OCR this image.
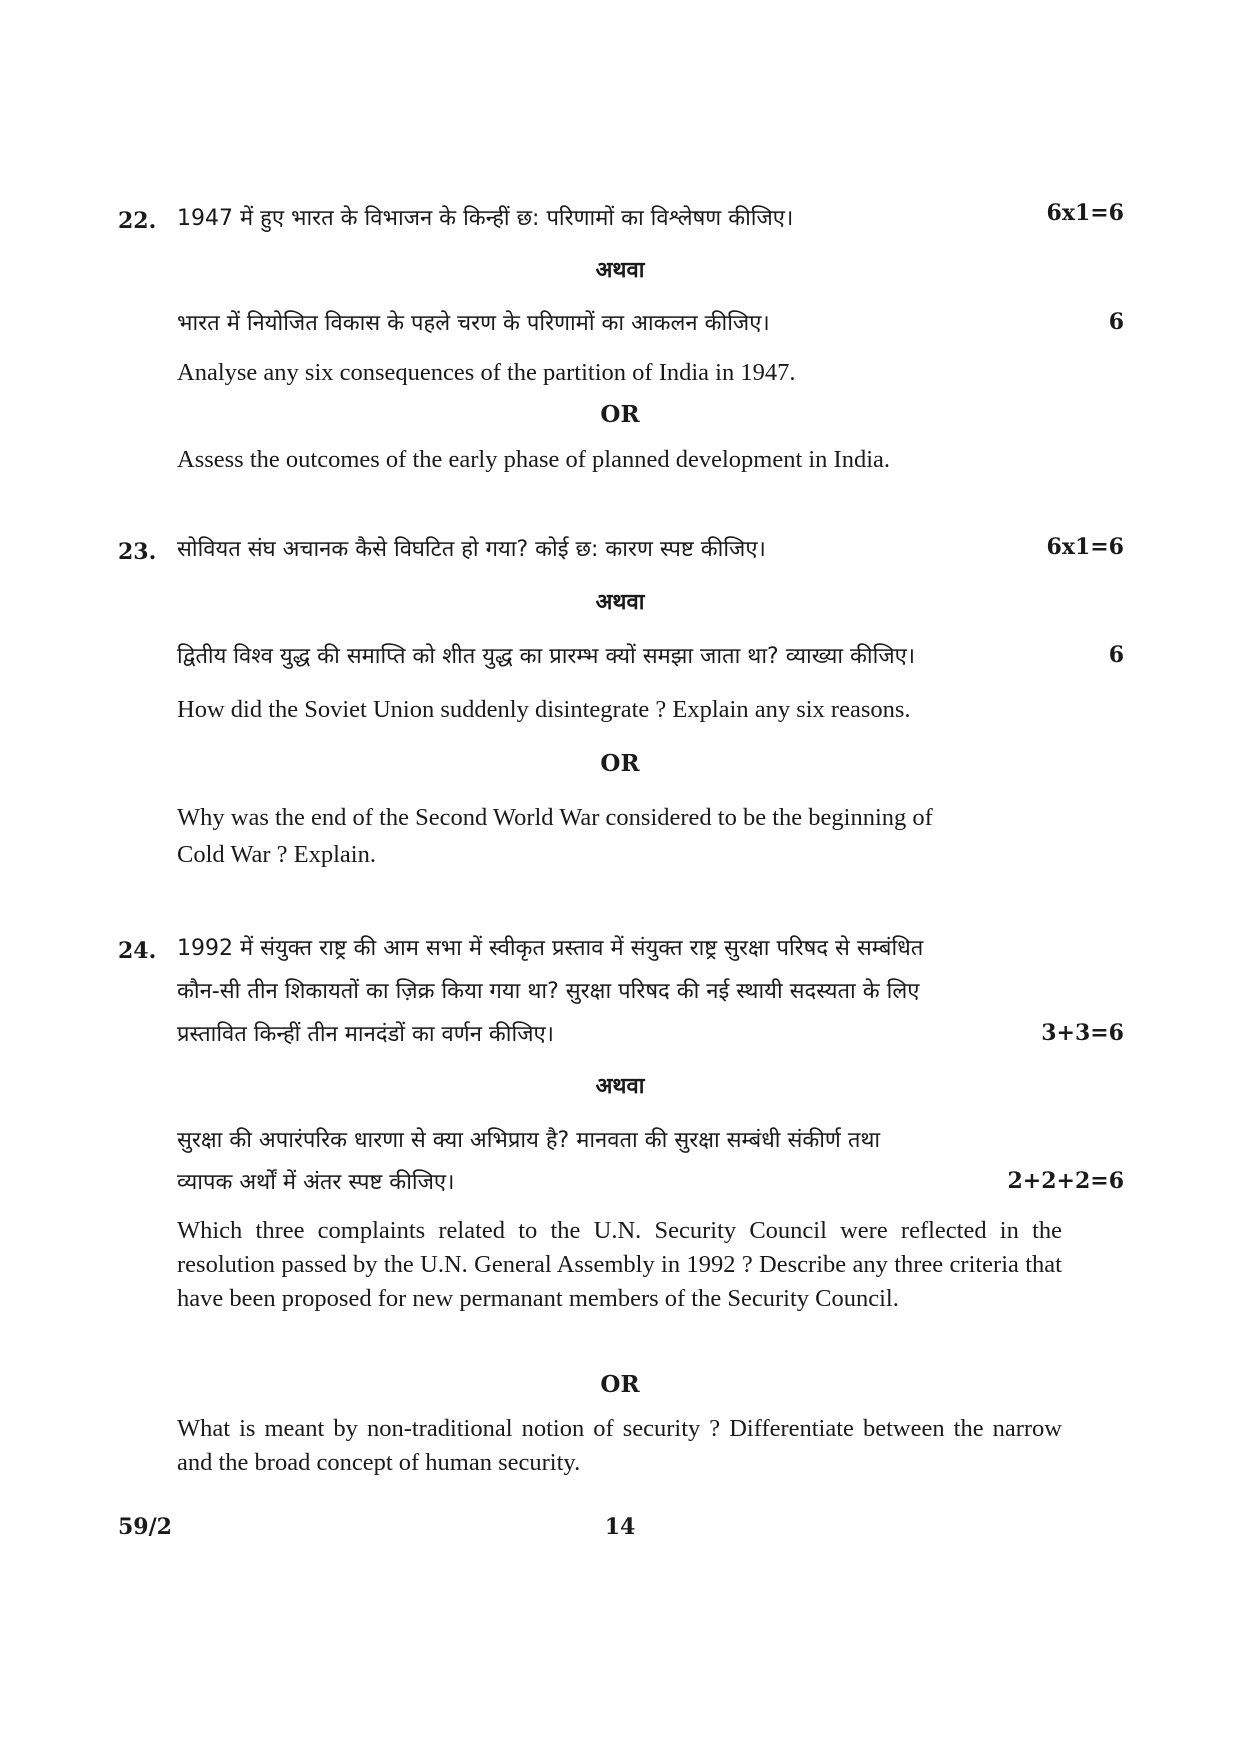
22. 1947 में हुए भारत के विभाजन के किन्हीं छ: परिणामों का विश्लेषण कीजिए।	6x1=6
अथवा
भारत में नियोजित विकास के पहले चरण के परिणामों का आकलन कीजिए।	6
Analyse any six consequences of the partition of India in 1947.
OR
Assess the outcomes of the early phase of planned development in India.
23. सोवियत संघ अचानक कैसे विघटित हो गया? कोई छ: कारण स्पष्ट कीजिए।	6x1=6
अथवा
द्वितीय विश्व युद्ध की समाप्ति को शीत युद्ध का प्रारम्भ क्यों समझा जाता था? व्याख्या कीजिए।	6
How did the Soviet Union suddenly disintegrate ? Explain any six reasons.
OR
Why was the end of the Second World War considered to be the beginning of
Cold War ? Explain.
24. 1992 में संयुक्त राष्ट्र की आम सभा में स्वीकृत प्रस्ताव में संयुक्त राष्ट्र सुरक्षा परिषद से सम्बंधित
कौन-सी तीन शिकायतों का ज़िक्र किया गया था? सुरक्षा परिषद की नई स्थायी सदस्यता के लिए
प्रस्तावित किन्हीं तीन मानदंडों का वर्णन कीजिए।	3+3=6
अथवा
सुरक्षा की अपारंपरिक धारणा से क्या अभिप्राय है? मानवता की सुरक्षा सम्बंधी संकीर्ण तथा
व्यापक अर्थों में अंतर स्पष्ट कीजिए।	2+2+2=6
Which three complaints related to the U.N. Security Council were reflected in the resolution passed by the U.N. General Assembly in 1992 ? Describe any three criteria that have been proposed for new permanant members of the Security Council.
OR
What is meant by non-traditional notion of security ? Differentiate between the narrow and the broad concept of human security.
59/2	14
